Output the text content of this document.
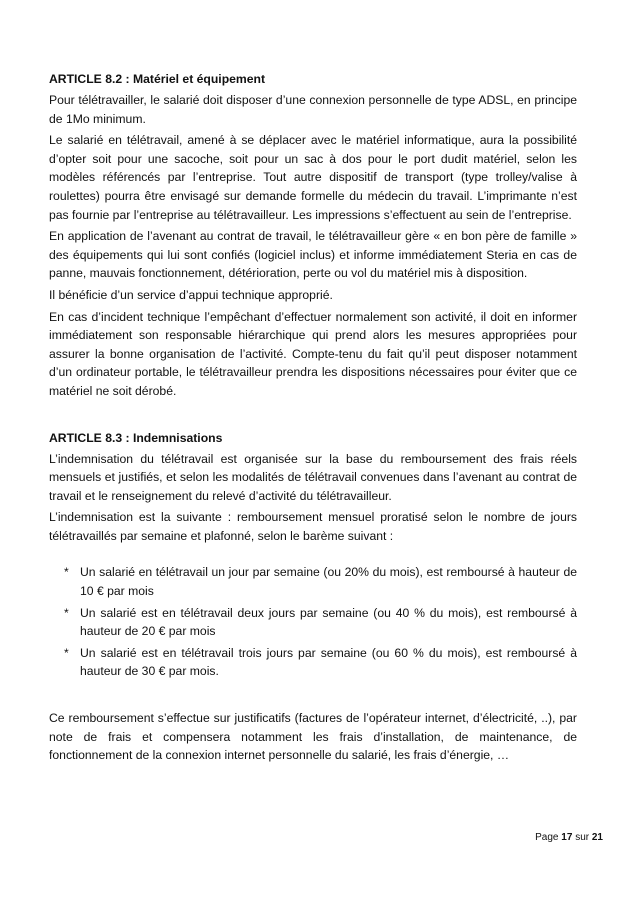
ARTICLE 8.2 : Matériel et équipement

Pour télétravailler, le salarié doit disposer d’une connexion personnelle de type ADSL, en principe de 1Mo minimum.

Le salarié en télétravail, amené à se déplacer avec le matériel informatique, aura la possibilité d’opter soit pour une sacoche, soit pour un sac à dos pour le port dudit matériel, selon les modèles référencés par l’entreprise. Tout autre dispositif de transport (type trolley/valise à roulettes) pourra être envisagé sur demande formelle du médecin du travail. L’imprimante n’est pas fournie par l’entreprise au télétravailleur. Les impressions s’effectuent au sein de l’entreprise.

En application de l’avenant au contrat de travail, le télétravailleur gère « en bon père de famille » des équipements qui lui sont confiés (logiciel inclus) et informe immédiatement Steria en cas de panne, mauvais fonctionnement, détérioration, perte ou vol du matériel mis à disposition.

Il bénéficie d’un service d’appui technique approprié.

En cas d’incident technique l’empêchant d’effectuer normalement son activité, il doit en informer immédiatement son responsable hiérarchique qui prend alors les mesures appropriées pour assurer la bonne organisation de l’activité. Compte-tenu du fait qu’il peut disposer notamment d’un ordinateur portable, le télétravailleur prendra les dispositions nécessaires pour éviter que ce matériel ne soit dérobé.

ARTICLE 8.3 : Indemnisations

L’indemnisation du télétravail est organisée sur la base du remboursement des frais réels mensuels et justifiés, et selon les modalités de télétravail convenues dans l’avenant au contrat de travail et le renseignement du relevé d’activité du télétravailleur.

L’indemnisation est la suivante : remboursement mensuel proratisé selon le nombre de jours télétravaillés par semaine et plafonné, selon le barème suivant :

* Un salarié en télétravail un jour par semaine (ou 20% du mois), est remboursé à hauteur de 10 € par mois
* Un salarié est en télétravail deux jours par semaine (ou 40 % du mois), est remboursé à hauteur de 20 € par mois
* Un salarié est en télétravail trois jours par semaine (ou 60 % du mois), est remboursé à hauteur de 30 € par mois.

Ce remboursement s’effectue sur justificatifs (factures de l’opérateur internet, d’électricité, ..), par note de frais et compensera notamment les frais d’installation, de maintenance, de fonctionnement de la connexion internet personnelle du salarié, les frais d’énergie, …

Page 17 sur 21
